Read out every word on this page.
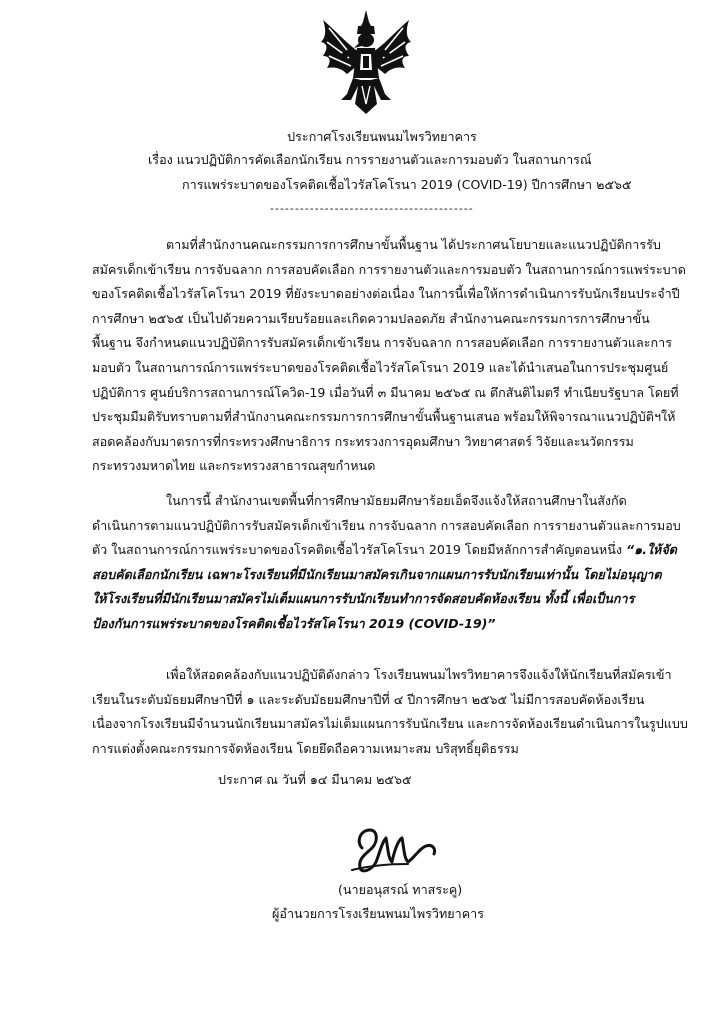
ประกาศโรงเรียนพนมไพรวิทยาคาร
เรื่อง แนวปฏิบัติการคัดเลือกนักเรียน การรายงานตัวและการมอบตัว ในสถานการณ์
การแพร่ระบาดของโรคติดเชื้อไวรัสโคโรนา 2019 (COVID-19) ปีการศึกษา ๒๕๖๕
-----------------------------------------
ตามที่สำนักงานคณะกรรมการการศึกษาขั้นพื้นฐาน ได้ประกาศนโยบายและแนวปฏิบัติการรับ
สมัครเด็กเข้าเรียน การจับฉลาก การสอบคัดเลือก การรายงานตัวและการมอบตัว ในสถานการณ์การแพร่ระบาด
ของโรคติดเชื้อไวรัสโคโรนา 2019 ที่ยังระบาดอย่างต่อเนื่อง ในการนี้เพื่อให้การดำเนินการรับนักเรียนประจำปี
การศึกษา ๒๕๖๕ เป็นไปด้วยความเรียบร้อยและเกิดความปลอดภัย สำนักงานคณะกรรมการการศึกษาขั้น
พื้นฐาน จึงกำหนดแนวปฏิบัติการรับสมัครเด็กเข้าเรียน การจับฉลาก การสอบคัดเลือก การรายงานตัวและการ
มอบตัว ในสถานการณ์การแพร่ระบาดของโรคติดเชื้อไวรัสโคโรนา 2019 และได้นำเสนอในการประชุมศูนย์
ปฏิบัติการ ศูนย์บริการสถานการณ์โควิด-19 เมื่อวันที่ ๓ มีนาคม ๒๕๖๕ ณ ตึกสันติไมตรี ทำเนียบรัฐบาล โดยที่
ประชุมมีมติรับทราบตามที่สำนักงานคณะกรรมการการศึกษาขั้นพื้นฐานเสนอ พร้อมให้พิจารณาแนวปฏิบัติฯให้
สอดคล้องกับมาตรการที่กระทรวงศึกษาธิการ กระทรวงการอุดมศึกษา วิทยาศาสตร์ วิจัยและนวัตกรรม
กระทรวงมหาดไทย และกระทรวงสาธารณสุขกำหนด
ในการนี้ สำนักงานเขตพื้นที่การศึกษามัธยมศึกษาร้อยเอ็ดจึงแจ้งให้สถานศึกษาในสังกัด
ดำเนินการตามแนวปฏิบัติการรับสมัครเด็กเข้าเรียน การจับฉลาก การสอบคัดเลือก การรายงานตัวและการมอบ
ตัว ในสถานการณ์การแพร่ระบาดของโรคติดเชื้อไวรัสโคโรนา 2019 โดยมีหลักการสำคัญตอนหนึ่ง “๑.ให้จัด
สอบคัดเลือกนักเรียน เฉพาะโรงเรียนที่มีนักเรียนมาสมัครเกินจากแผนการรับนักเรียนเท่านั้น โดยไม่อนุญาต
ให้โรงเรียนที่มีนักเรียนมาสมัครไม่เต็มแผนการรับนักเรียนทำการจัดสอบคัดห้องเรียน ทั้งนี้ เพื่อเป็นการ
ป้องกันการแพร่ระบาดของโรคติดเชื้อไวรัสโคโรนา 2019 (COVID-19)”
เพื่อให้สอดคล้องกับแนวปฏิบัติดังกล่าว โรงเรียนพนมไพรวิทยาคารจึงแจ้งให้นักเรียนที่สมัครเข้า
เรียนในระดับมัธยมศึกษาปีที่ ๑ และระดับมัธยมศึกษาปีที่ ๔ ปีการศึกษา ๒๕๖๕ ไม่มีการสอบคัดห้องเรียน
เนื่องจากโรงเรียนมีจำนวนนักเรียนมาสมัครไม่เต็มแผนการรับนักเรียน และการจัดห้องเรียนดำเนินการในรูปแบบ
การแต่งตั้งคณะกรรมการจัดห้องเรียน โดยยึดถือความเหมาะสม บริสุทธิ์ยุติธรรม
ประกาศ ณ วันที่ ๑๔ มีนาคม ๒๕๖๕
(นายอนุสรณ์ ทาสระคู)
ผู้อำนวยการโรงเรียนพนมไพรวิทยาคาร
